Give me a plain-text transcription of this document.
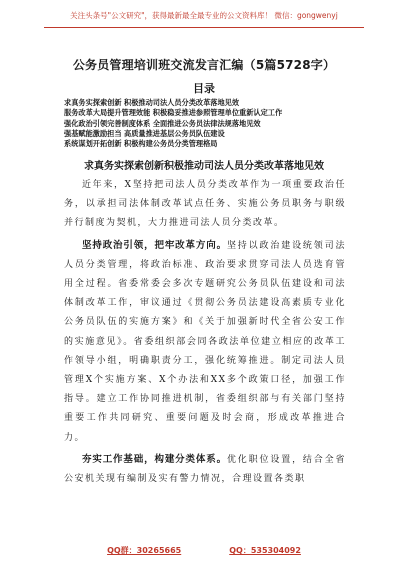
关注头条号"公文研究"，获得最新最全最专业的公文资料库！ 微信：gongwenyj
公务员管理培训班交流发言汇编（5篇5728字）
目录
求真务实探索创新 积极推动司法人员分类改革落地见效
服务改革大局提升管理效能 积极稳妥推进参照管理单位重新认定工作
强化政治引领完善制度体系 全面推进公务员法律法规落地见效
强基赋能激励担当 高质量推进基层公务员队伍建设
系统谋划开拓创新 积极构建公务员分类管理格局
求真务实探索创新积极推动司法人员分类改革落地见效

近年来，X坚持把司法人员分类改革作为一项重要政治任务，以承担司法体制改革试点任务、实施公务员职务与职级并行制度为契机，大力推进司法人员分类改革。

坚持政治引领，把牢改革方向。坚持以政治建设统领司法人员分类管理，将政治标准、政治要求贯穿司法人员选育管用全过程。省委常委会多次专题研究公务员队伍建设和司法体制改革工作，审议通过《贯彻公务员法建设高素质专业化公务员队伍的实施方案》和《关于加强新时代全省公安工作的实施意见》。省委组织部会同各政法单位建立相应的改革工作领导小组，明确职责分工，强化统筹推进。制定司法人员管理X个实施方案、X个办法和XX多个政策口径，加强工作指导。建立工作协同推进机制，省委组织部与有关部门坚持重要工作共同研究、重要问题及时会商，形成改革推进合力。

夯实工作基础，构建分类体系。优化职位设置，结合全省公安机关现有编制及实有警力情况，合理设置各类职

QQ群：30265665	QQ：535304092
